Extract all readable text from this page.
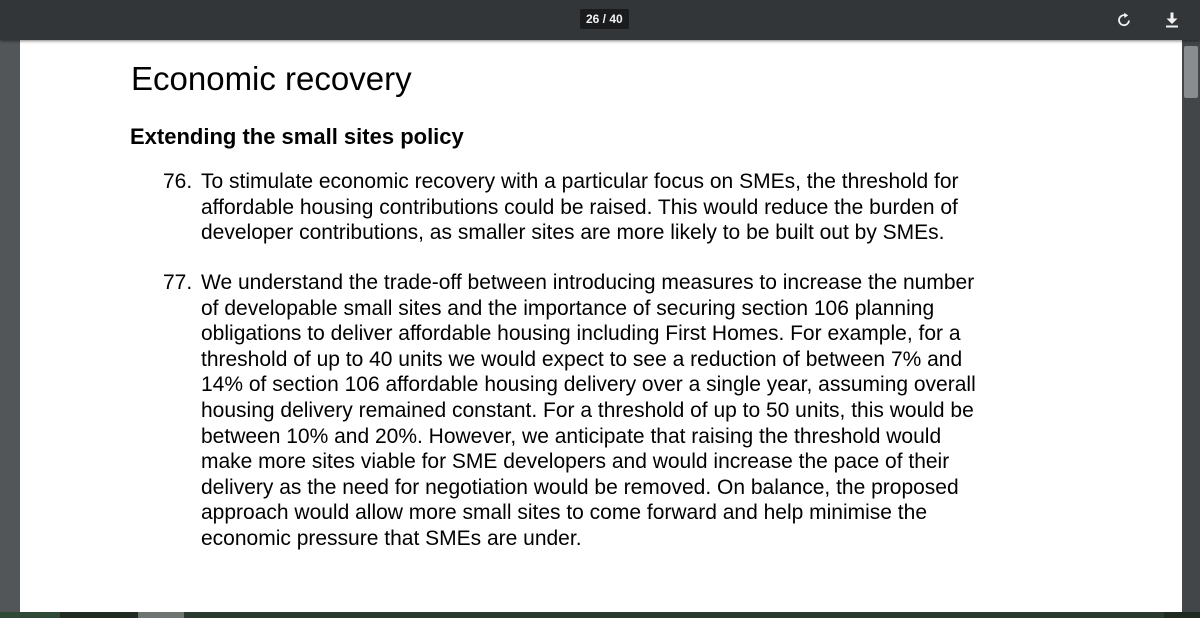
26 / 40
Economic recovery
Extending the small sites policy
76. To stimulate economic recovery with a particular focus on SMEs, the threshold for
affordable housing contributions could be raised. This would reduce the burden of
developer contributions, as smaller sites are more likely to be built out by SMEs.
77. We understand the trade-off between introducing measures to increase the number
of developable small sites and the importance of securing section 106 planning
obligations to deliver affordable housing including First Homes. For example, for a
threshold of up to 40 units we would expect to see a reduction of between 7% and
14% of section 106 affordable housing delivery over a single year, assuming overall
housing delivery remained constant. For a threshold of up to 50 units, this would be
between 10% and 20%. However, we anticipate that raising the threshold would
make more sites viable for SME developers and would increase the pace of their
delivery as the need for negotiation would be removed. On balance, the proposed
approach would allow more small sites to come forward and help minimise the
economic pressure that SMEs are under.
